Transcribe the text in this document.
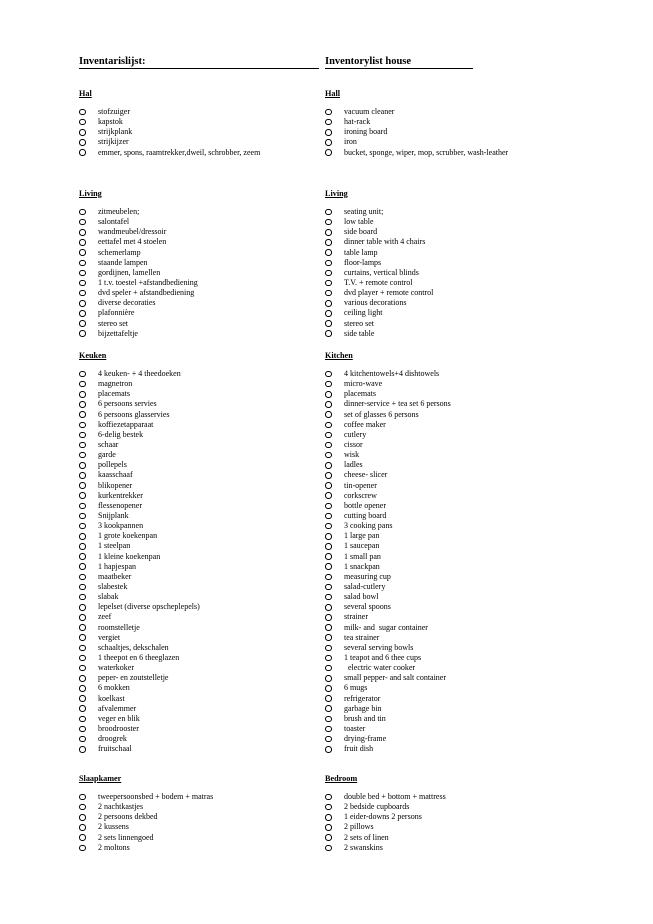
Inventarislijst:
Hal
stofzuiger
kapstok
strijkplank
strijkijzer
emmer, spons, raamtrekker,dweil, schrobber, zeem
Living
zitmeubelen;
salontafel
wandmeubel/dressoir
eettafel met 4 stoelen
schemerlamp
staande lampen
gordijnen, lamellen
1 t.v. toestel +afstandbediening
dvd speler + afstandbediening
diverse decoraties
plafonnière
stereo set
bijzettafeltje
Keuken
4 keuken- + 4 theedoeken
magnetron
placemats
6 persoons servies
6 persoons glasservies
koffiezetapparaat
6-delig bestek
schaar
garde
pollepels
kaasschaaf
blikopener
kurkentrekker
flessenopener
Snijplank
3 kookpannen
1 grote koekenpan
1 steelpan
1 kleine koekenpan
1 hapjespan
maatbeker
slabestek
slabak
lepelset (diverse opscheplepels)
zeef
roomstelletje
vergiet
schaaltjes, dekschalen
1 theepot en 6 theeglazen
waterkoker
peper- en zoutstelletje
6 mokken
koelkast
afvalemmer
veger en blik
broodrooster
droogrek
fruitschaal
Slaapkamer
tweepersoonsbed + bodem + matras
2 nachtkastjes
2 persoons dekbed
2 kussens
2 sets linnengoed
2 moltons
Inventorylist house
Hall
vacuum cleaner
hat-rack
ironing board
iron
bucket, sponge, wiper, mop, scrubber, wash-leather
Living
seating unit;
low table
side board
dinner table with 4 chairs
table lamp
floor-lamps
curtains, vertical blinds
T.V. + remote control
dvd player + remote control
various decorations
ceiling light
stereo set
side table
Kitchen
4 kitchentowels+4 dishtowels
micro-wave
placemats
dinner-service + tea set 6 persons
set of glasses 6 persons
coffee maker
cutlery
cissor
wisk
ladles
cheese- slicer
tin-opener
corkscrew
bottle opener
cutting board
3 cooking pans
1 large pan
1 saucepan
1 small pan
1 snackpan
measuring cup
salad-cutlery
salad bowl
several spoons
strainer
milk- and  sugar container
tea strainer
several serving bowls
1 teapot and 6 thee cups
electric water cooker
small pepper- and salt container
6 mugs
refrigerator
garbage bin
brush and tin
toaster
drying-frame
fruit dish
Bedroom
double bed + bottom + mattress
2 bedside cupboards
1 eider-downs 2 persons
2 pillows
2 sets of linen
2 swanskins
